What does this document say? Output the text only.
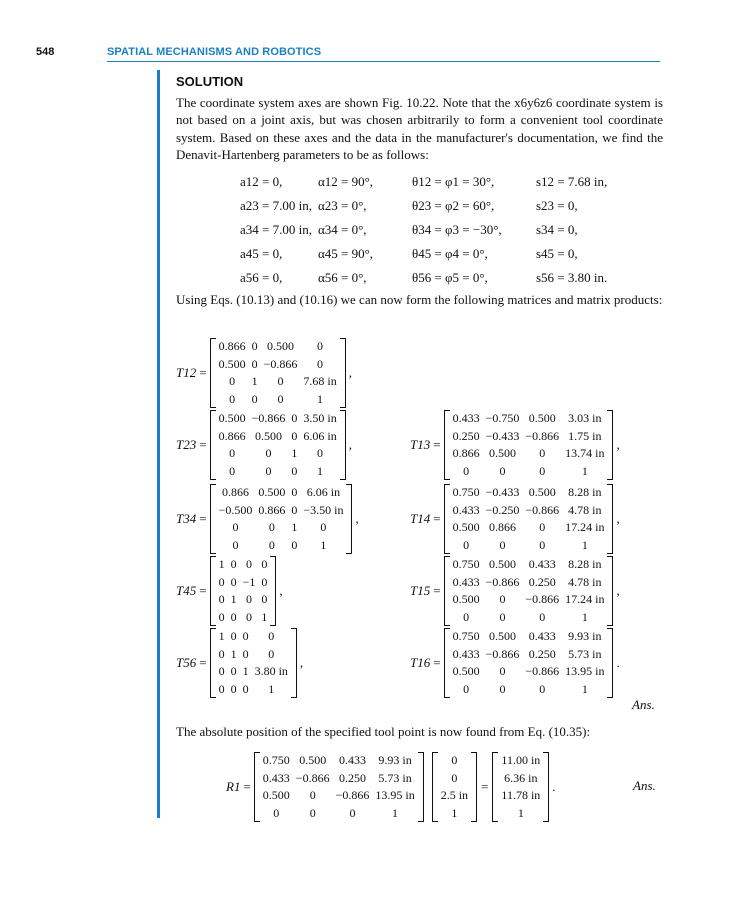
548	SPATIAL MECHANISMS AND ROBOTICS
SOLUTION
The coordinate system axes are shown Fig. 10.22. Note that the x6y6z6 coordinate system is not based on a joint axis, but was chosen arbitrarily to form a convenient tool coordinate system. Based on these axes and the data in the manufacturer's documentation, we find the Denavit-Hartenberg parameters to be as follows:
a12 = 0,	α12 = 90°,	θ12 = φ1 = 30°,	s12 = 7.68 in,
a23 = 7.00 in,	α23 = 0°,	θ23 = φ2 = 60°,	s23 = 0,
a34 = 7.00 in,	α34 = 0°,	θ34 = φ3 = −30°,	s34 = 0,
a45 = 0,	α45 = 90°,	θ45 = φ4 = 0°,	s45 = 0,
a56 = 0,	α56 = 0°,	θ56 = φ5 = 0°,	s56 = 3.80 in.
Using Eqs. (10.13) and (10.16) we can now form the following matrices and matrix products:
T12 =
0.866	0	0.500	0
0.500	0	−0.866	0
0	1	0	7.68 in
0	0	0	1
,
T23 =
0.500	−0.866	0	3.50 in
0.866	0.500	0	6.06 in
0	0	1	0
0	0	0	1
,	T13 =
0.433	−0.750	0.500	3.03 in
0.250	−0.433	−0.866	1.75 in
0.866	0.500	0	13.74 in
0	0	0	1
,
T34 =
0.866	0.500	0	6.06 in
−0.500	0.866	0	−3.50 in
0	0	1	0
0	0	0	1
,	T14 =
0.750	−0.433	0.500	8.28 in
0.433	−0.250	−0.866	4.78 in
0.500	0.866	0	17.24 in
0	0	0	1
,
T45 =
1	0	0	0
0	0	−1	0
0	1	0	0
0	0	0	1
,	T15 =
0.750	0.500	0.433	8.28 in
0.433	−0.866	0.250	4.78 in
0.500	0	−0.866	17.24 in
0	0	0	1
,
T56 =
1	0	0	0
0	1	0	0
0	0	1	3.80 in
0	0	0	1
,	T16 =
0.750	0.500	0.433	9.93 in
0.433	−0.866	0.250	5.73 in
0.500	0	−0.866	13.95 in
0	0	0	1
.
Ans.
The absolute position of the specified tool point is now found from Eq. (10.35):
R1 =
0.750	0.500	0.433	9.93 in
0.433	−0.866	0.250	5.73 in
0.500	0	−0.866	13.95 in
0	0	0	1
0
0
2.5 in
1
=
11.00 in
6.36 in
11.78 in
1
.	Ans.
